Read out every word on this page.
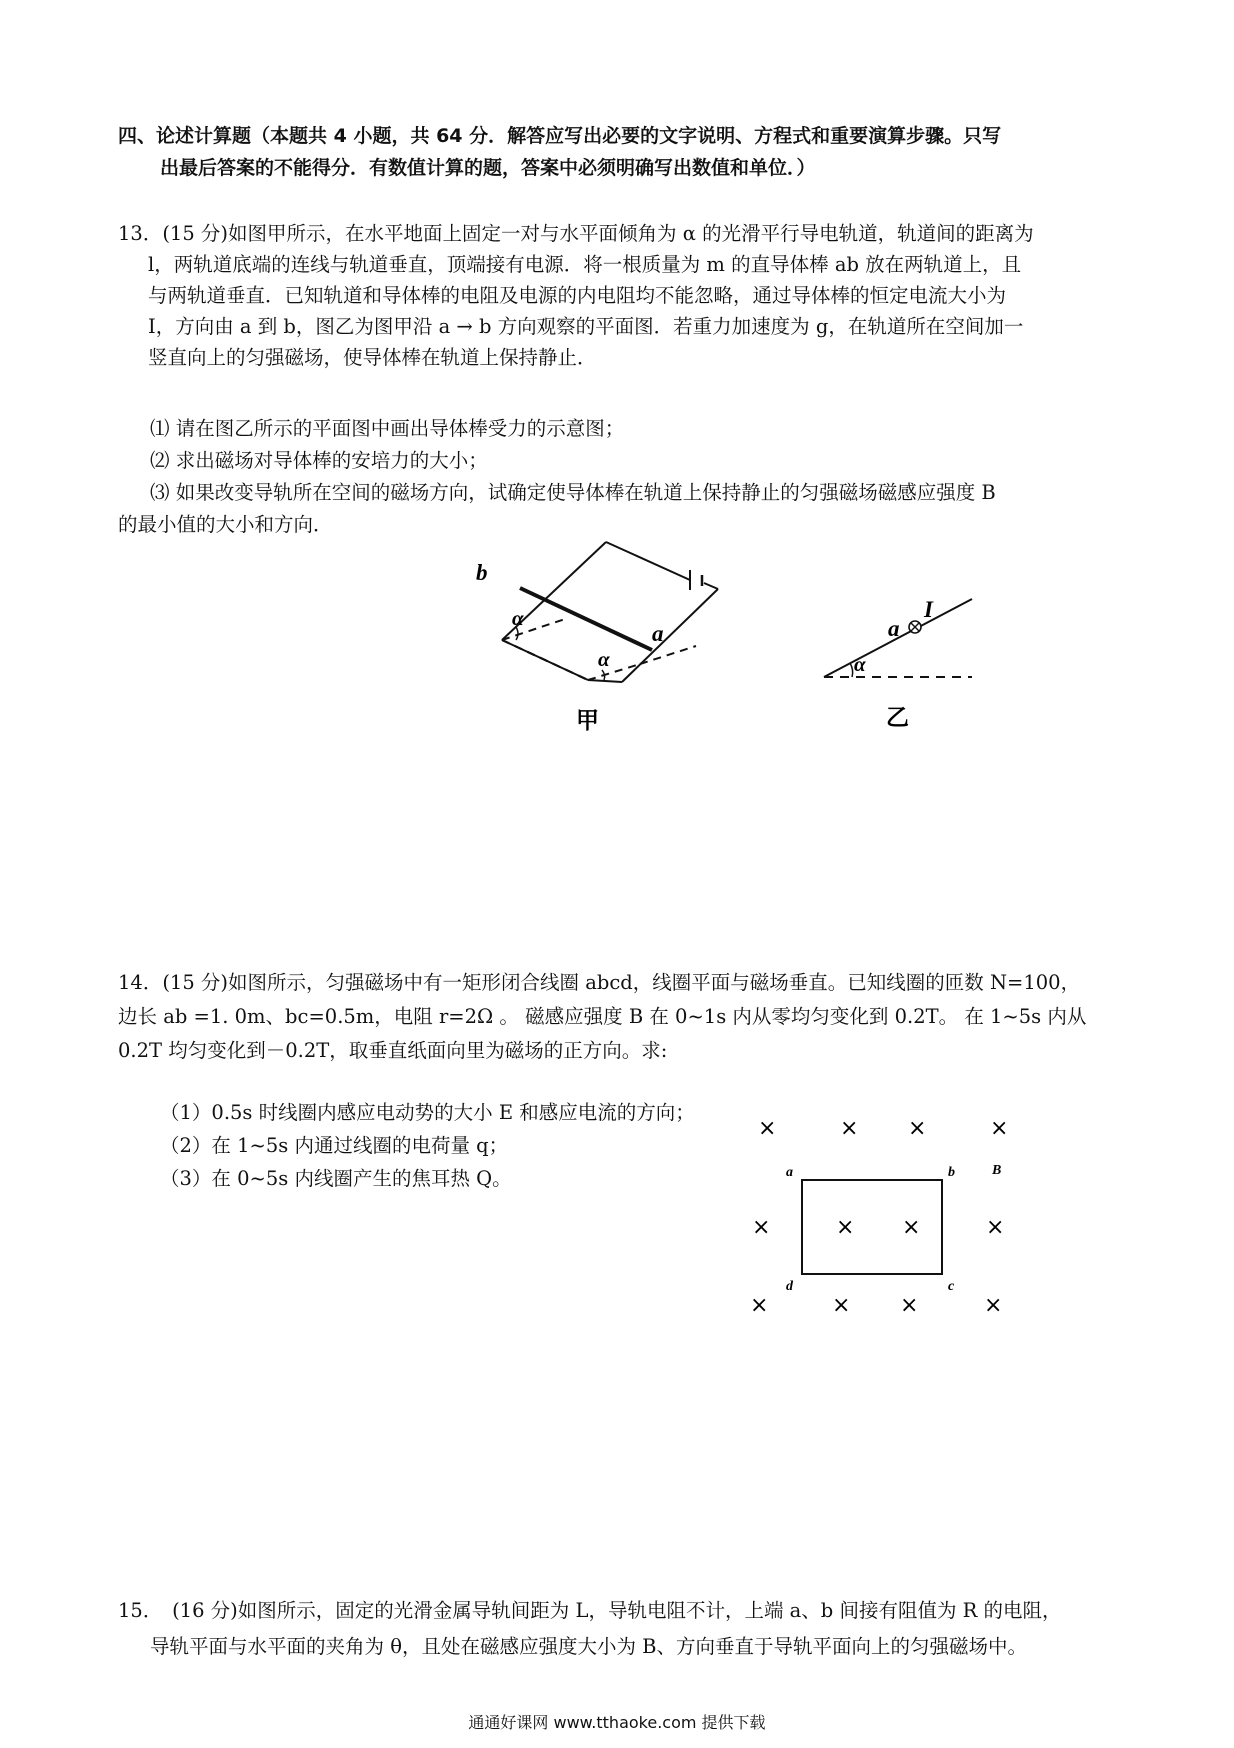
四、论述计算题（本题共 4 小题，共 64 分．解答应写出必要的文字说明、方程式和重要演算步骤。只写
出最后答案的不能得分．有数值计算的题，答案中必须明确写出数值和单位．）
13．(15 分)如图甲所示，在水平地面上固定一对与水平面倾角为 α 的光滑平行导电轨道，轨道间的距离为
l，两轨道底端的连线与轨道垂直，顶端接有电源．将一根质量为 m 的直导体棒 ab 放在两轨道上，且
与两轨道垂直．已知轨道和导体棒的电阻及电源的内电阻均不能忽略，通过导体棒的恒定电流大小为
I，方向由 a 到 b，图乙为图甲沿 a → b 方向观察的平面图．若重力加速度为 g，在轨道所在空间加一
竖直向上的匀强磁场，使导体棒在轨道上保持静止．
⑴ 请在图乙所示的平面图中画出导体棒受力的示意图；
⑵ 求出磁场对导体棒的安培力的大小；
⑶ 如果改变导轨所在空间的磁场方向，试确定使导体棒在轨道上保持静止的匀强磁场磁感应强度 B
的最小值的大小和方向．
b
a
α
α
甲
a
I
α
乙
14．(15 分)如图所示，匀强磁场中有一矩形闭合线圈 abcd，线圈平面与磁场垂直。已知线圈的匝数 N=100，
边长 ab =1. 0m、bc=0.5m，电阻 r=2Ω 。 磁感应强度 B 在 0~1s 内从零均匀变化到 0.2T。 在 1~5s 内从
0.2T 均匀变化到－0.2T，取垂直纸面向里为磁场的正方向。求:
（1）0.5s 时线圈内感应电动势的大小 E 和感应电流的方向；
（2）在 1~5s 内通过线圈的电荷量 q；
（3）在 0~5s 内线圈产生的焦耳热 Q。
×	× ×	×
a	b
c
d
B
×	× ×	×
×	× ×	×
15．　(16 分)如图所示，固定的光滑金属导轨间距为 L，导轨电阻不计，上端 a、b 间接有阻值为 R 的电阻，
导轨平面与水平面的夹角为 θ，且处在磁感应强度大小为 B、方向垂直于导轨平面向上的匀强磁场中。
通通好课网 www.tthaoke.com 提供下载
